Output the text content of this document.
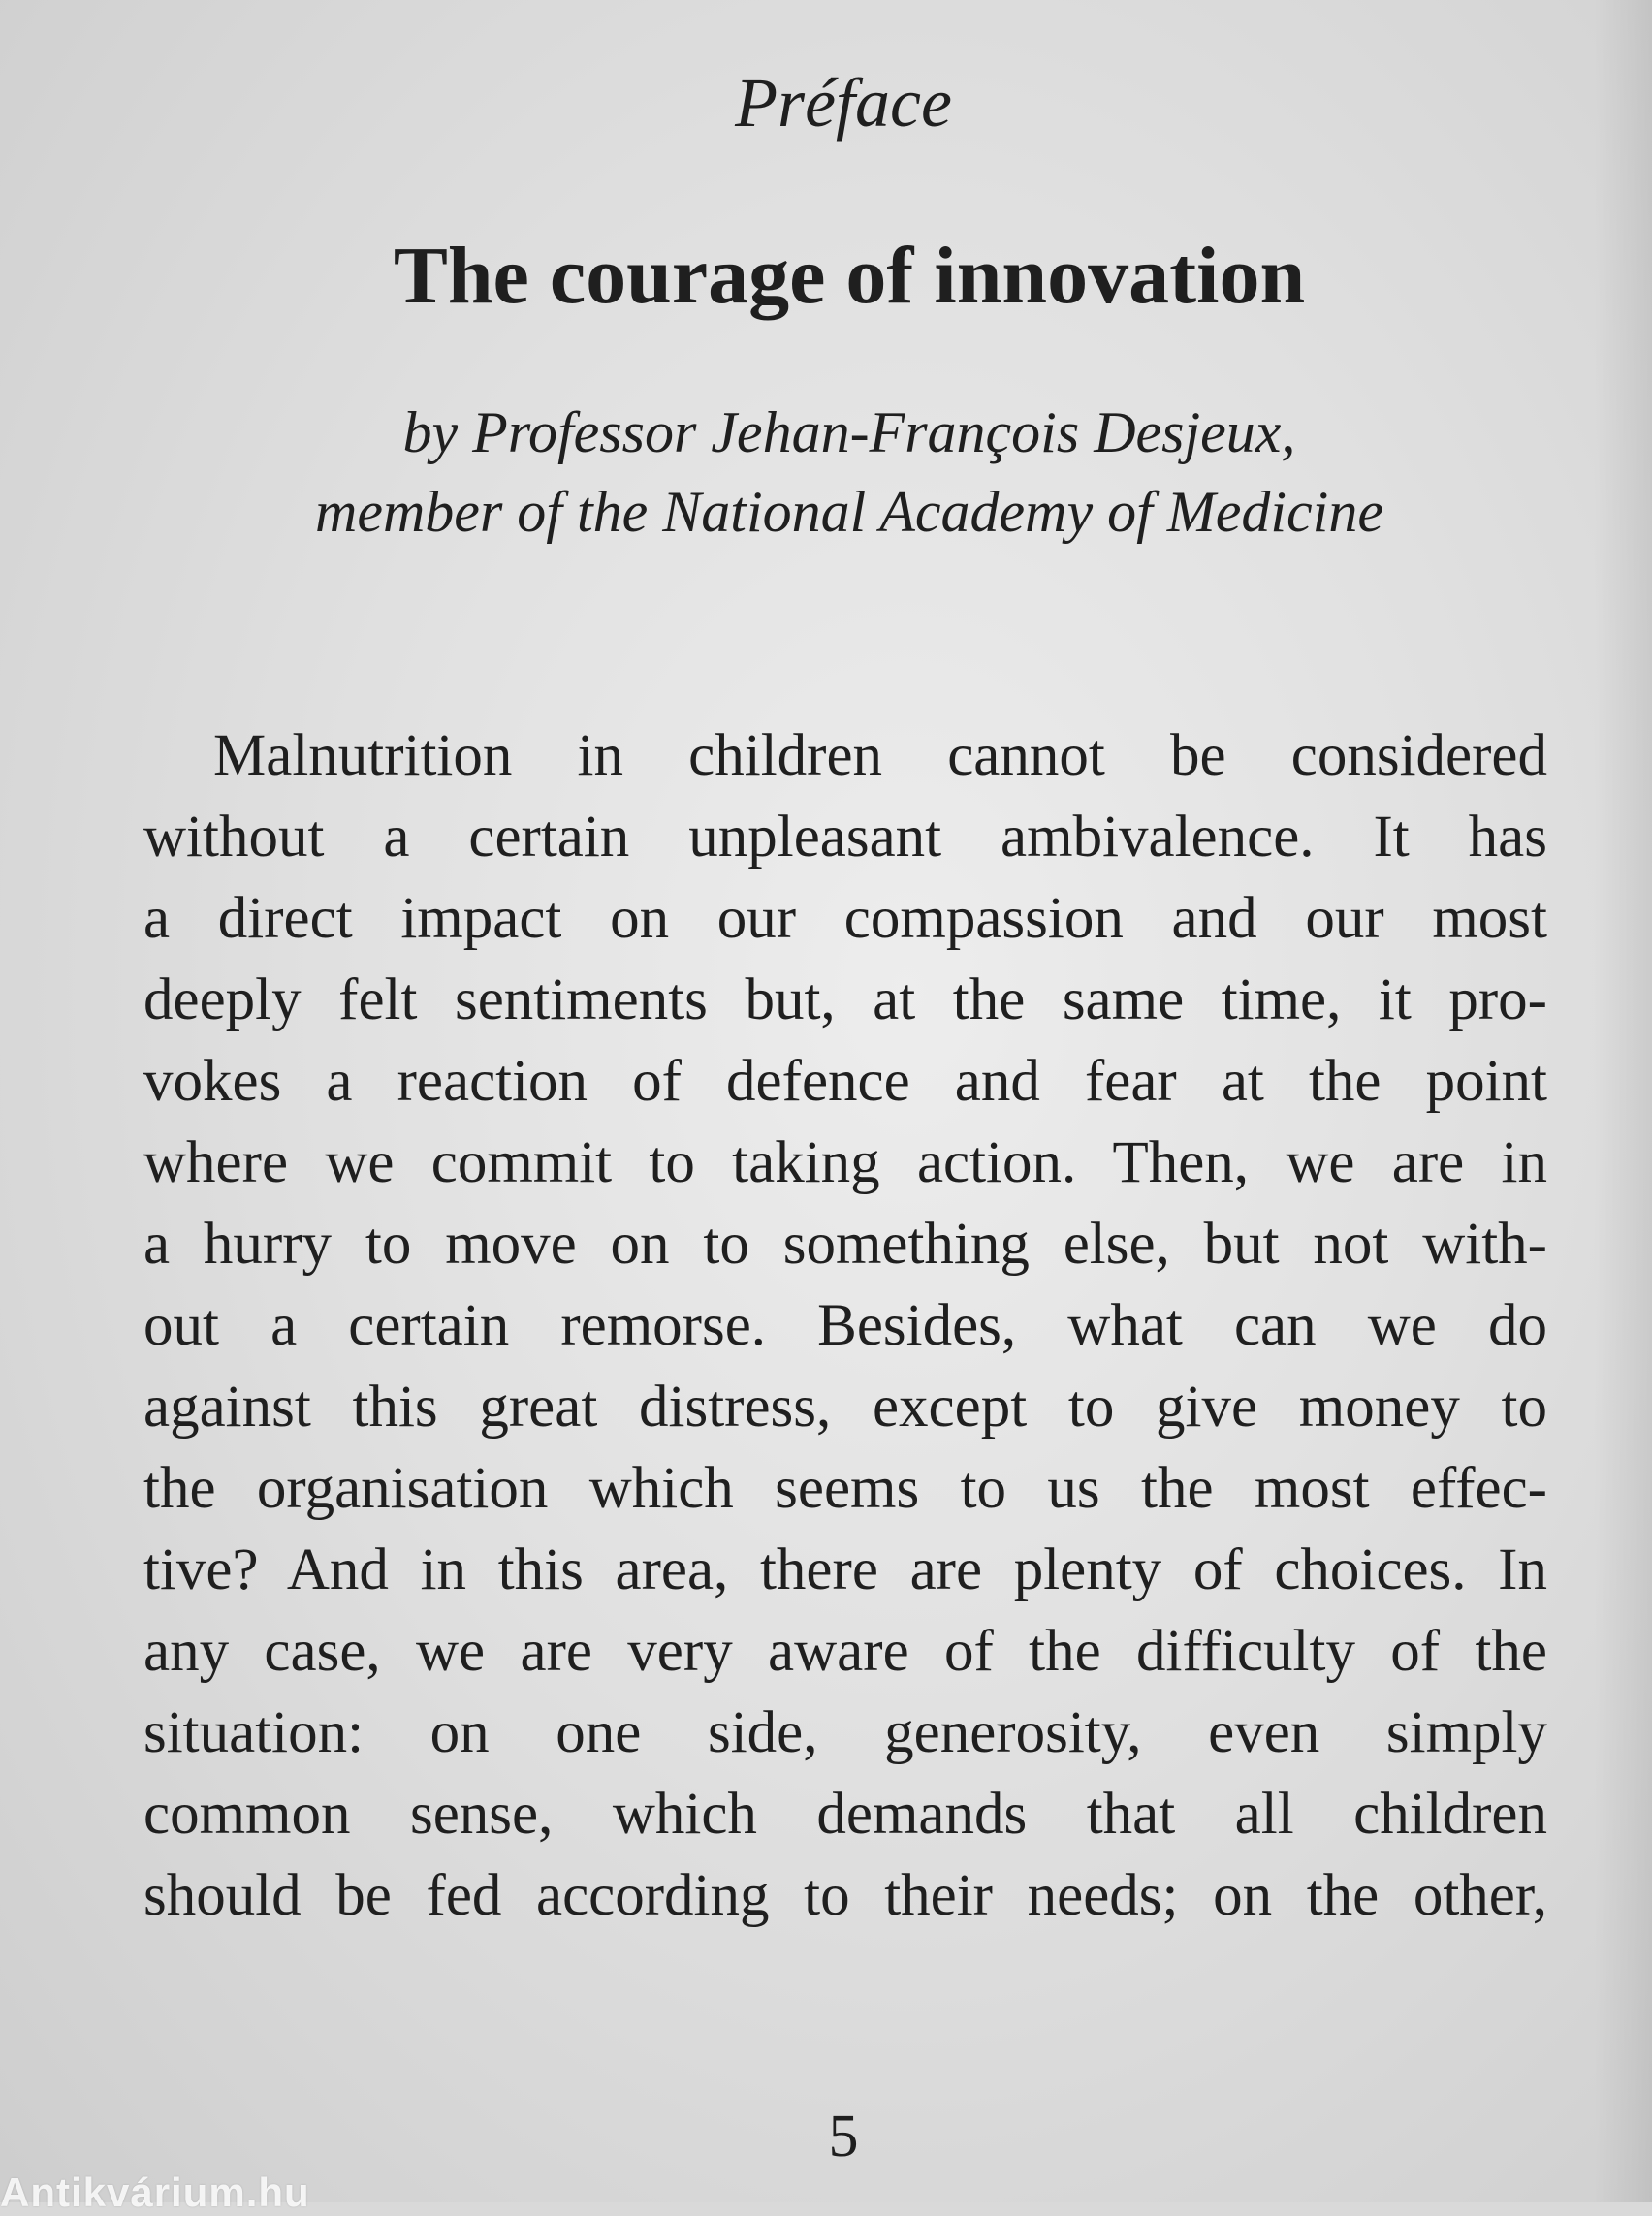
Préface
The courage of innovation
by Professor Jehan-François Desjeux,
member of the National Academy of Medicine
Malnutrition in children cannot be considered
without a certain unpleasant ambivalence. It has
a direct impact on our compassion and our most
deeply felt sentiments but, at the same time, it pro-
vokes a reaction of defence and fear at the point
where we commit to taking action. Then, we are in
a hurry to move on to something else, but not with-
out a certain remorse. Besides, what can we do
against this great distress, except to give money to
the organisation which seems to us the most effec-
tive? And in this area, there are plenty of choices. In
any case, we are very aware of the difficulty of the
situation: on one side, generosity, even simply
common sense, which demands that all children
should be fed according to their needs; on the other,
5
Antikvárium.hu
